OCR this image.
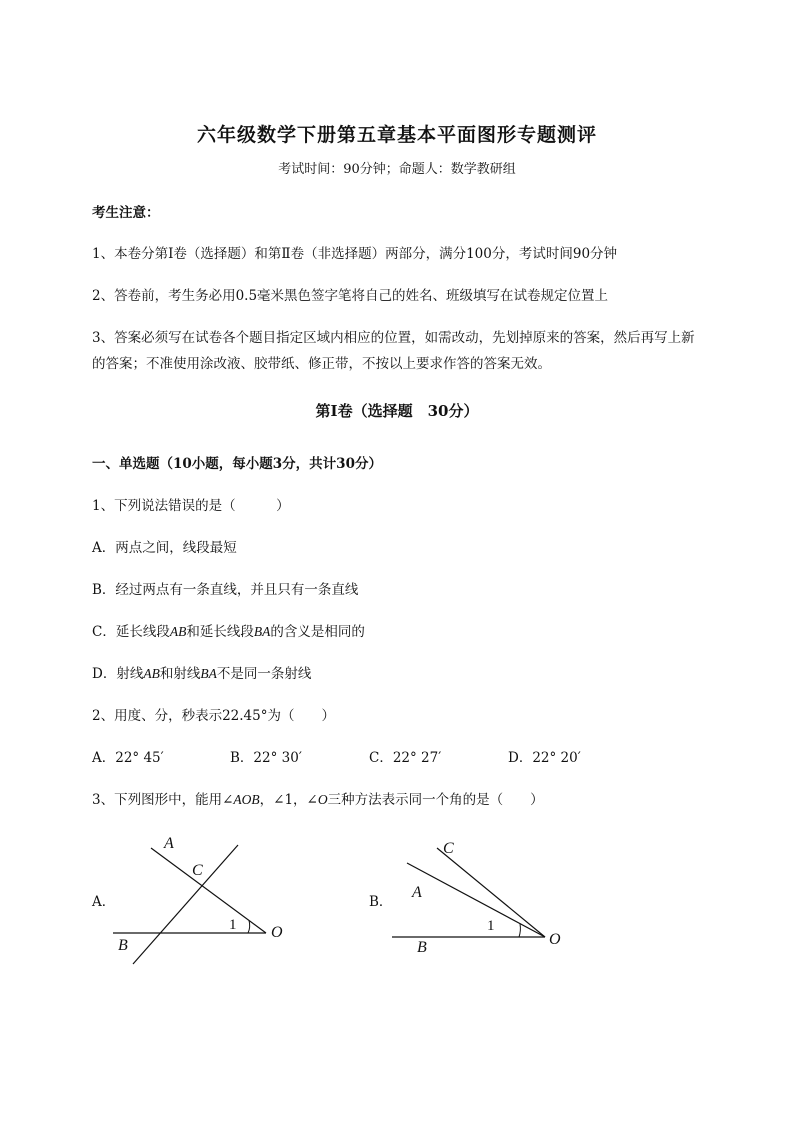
六年级数学下册第五章基本平面图形专题测评
考试时间：90分钟；命题人：数学教研组
考生注意：
1、本卷分第Ⅰ卷（选择题）和第Ⅱ卷（非选择题）两部分，满分100分，考试时间90分钟
2、答卷前，考生务必用0.5毫米黑色签字笔将自己的姓名、班级填写在试卷规定位置上
3、答案必须写在试卷各个题目指定区域内相应的位置，如需改动，先划掉原来的答案，然后再写上新
的答案；不准使用涂改液、胶带纸、修正带，不按以上要求作答的答案无效。
第Ⅰ卷（选择题　30分）
一、单选题（10小题，每小题3分，共计30分）
1、下列说法错误的是（　　　）
A．两点之间，线段最短
B．经过两点有一条直线，并且只有一条直线
C．延长线段AB和延长线段BA的含义是相同的
D．射线AB和射线BA不是同一条射线
2、用度、分，秒表示22.45°为（　　）
A．22° 45′	B．22° 30′	C．22° 27′	D．22° 20′
3、下列图形中，能用∠AOB，∠1，∠O三种方法表示同一个角的是（　　）
A．	B．
A
C
1 O
B
C
A
1
O
B
